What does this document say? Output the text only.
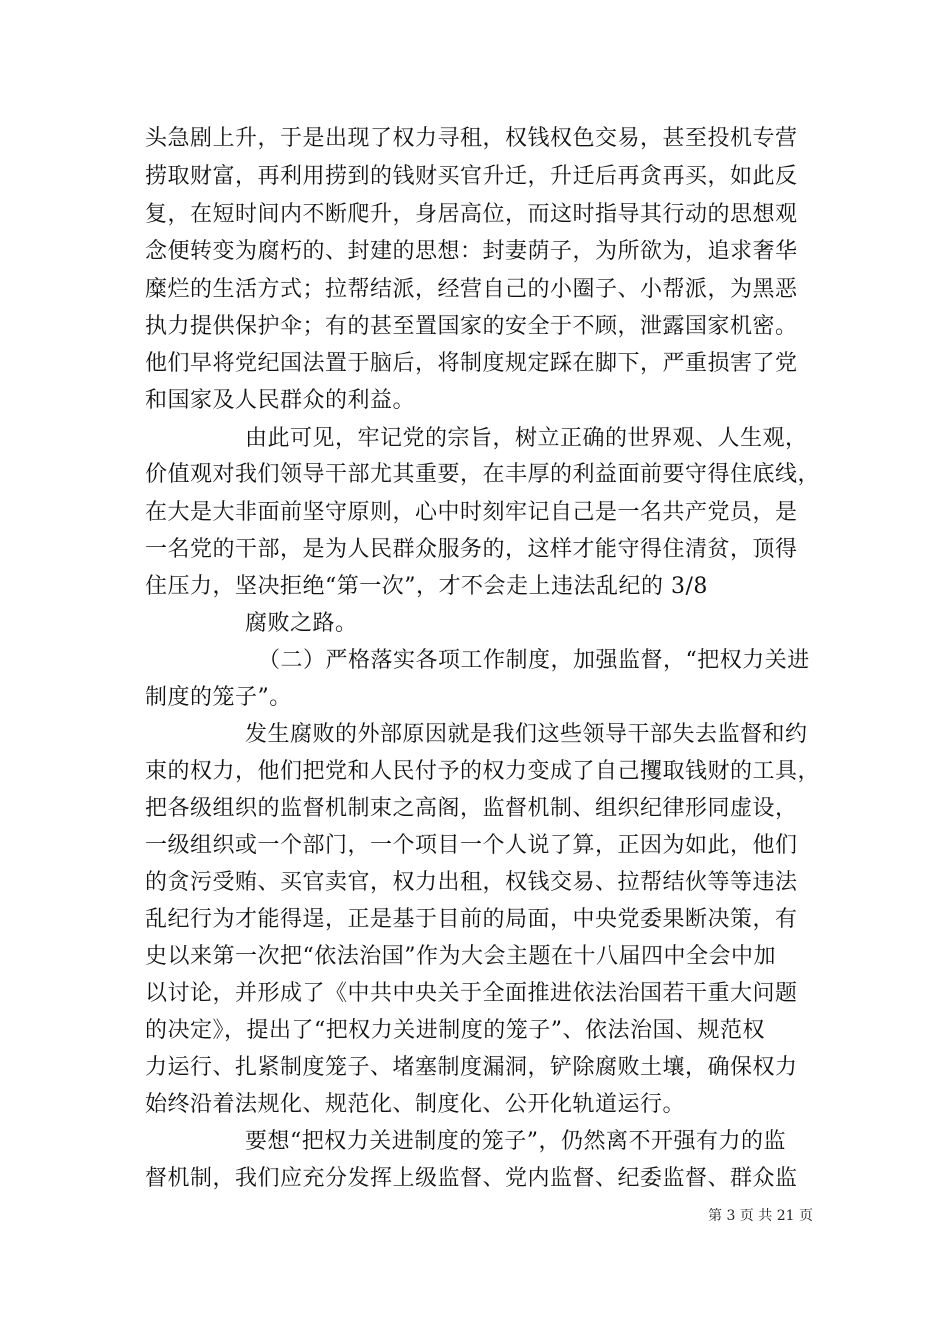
头急剧上升，于是出现了权力寻租，权钱权色交易，甚至投机专营
捞取财富，再利用捞到的钱财买官升迁，升迁后再贪再买，如此反
复，在短时间内不断爬升，身居高位，而这时指导其行动的思想观
念便转变为腐朽的、封建的思想：封妻荫子，为所欲为，追求奢华
糜烂的生活方式；拉帮结派，经营自己的小圈子、小帮派，为黑恶
执力提供保护伞；有的甚至置国家的安全于不顾，泄露国家机密。
他们早将党纪国法置于脑后，将制度规定踩在脚下，严重损害了党
和国家及人民群众的利益。
由此可见，牢记党的宗旨，树立正确的世界观、人生观，
价值观对我们领导干部尤其重要，在丰厚的利益面前要守得住底线，
在大是大非面前坚守原则，心中时刻牢记自己是一名共产党员，是
一名党的干部，是为人民群众服务的，这样才能守得住清贫，顶得
住压力，坚决拒绝“第一次”，才不会走上违法乱纪的 3/8
腐败之路。
（二）严格落实各项工作制度，加强监督，“把权力关进
制度的笼子”。
发生腐败的外部原因就是我们这些领导干部失去监督和约
束的权力，他们把党和人民付予的权力变成了自己攫取钱财的工具，
把各级组织的监督机制束之高阁，监督机制、组织纪律形同虚设，
一级组织或一个部门，一个项目一个人说了算，正因为如此，他们
的贪污受贿、买官卖官，权力出租，权钱交易、拉帮结伙等等违法
乱纪行为才能得逞，正是基于目前的局面，中央党委果断决策，有
史以来第一次把“依法治国”作为大会主题在十八届四中全会中加
以讨论，并形成了《中共中央关于全面推进依法治国若干重大问题
的决定》，提出了“把权力关进制度的笼子”、依法治国、规范权
力运行、扎紧制度笼子、堵塞制度漏洞，铲除腐败土壤，确保权力
始终沿着法规化、规范化、制度化、公开化轨道运行。
要想“把权力关进制度的笼子”，仍然离不开强有力的监
督机制，我们应充分发挥上级监督、党内监督、纪委监督、群众监
第 3 页 共 21 页
